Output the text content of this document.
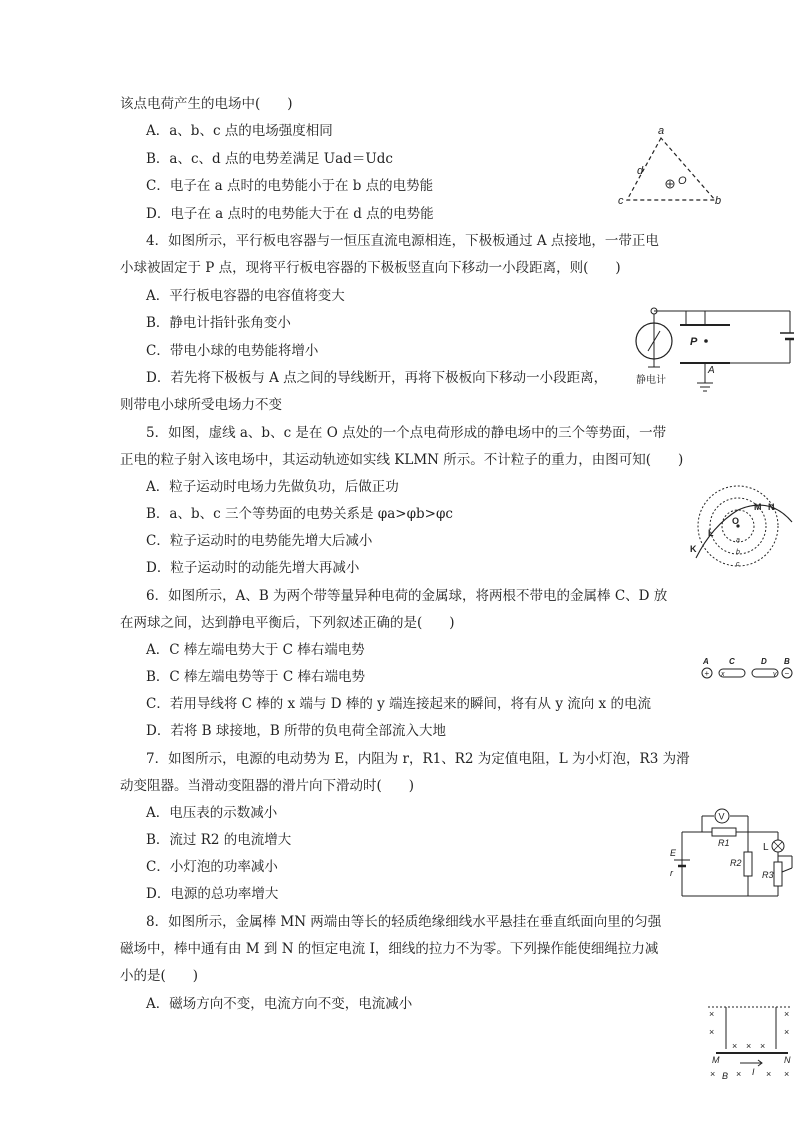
该点电荷产生的电场中(　　)
A．a、b、c 点的电场强度相同
B．a、c、d 点的电势差满足 Uad＝Udc
C．电子在 a 点时的电势能小于在 b 点的电势能
D．电子在 a 点时的电势能大于在 d 点的电势能
a
d
O
c	b
4．如图所示，平行板电容器与一恒压直流电源相连，下极板通过 A 点接地，一带正电
小球被固定于 P 点，现将平行板电容器的下极板竖直向下移动一小段距离，则(　　)
A．平行板电容器的电容值将变大
B．静电计指针张角变小
C．带电小球的电势能将增小
D．若先将下极板与 A 点之间的导线断开，再将下极板向下移动一小段距离，
则带电小球所受电场力不变
P
A
静电计
5．如图，虚线 a、b、c 是在 O 点处的一个点电荷形成的静电场中的三个等势面，一带
正电的粒子射入该电场中，其运动轨迹如实线 KLMN 所示。不计粒子的重力，由图可知(　　)
A．粒子运动时电场力先做负功，后做正功
B．a、b、c 三个等势面的电势关系是 φa>φb>φc
C．粒子运动时的电势能先增大后减小
D．粒子运动时的动能先增大再减小
O
K
L
M N
a
b
c
6．如图所示，A、B 为两个带等量异种电荷的金属球，将两根不带电的金属棒 C、D 放
在两球之间，达到静电平衡后，下列叙述正确的是(　　)
A．C 棒左端电势大于 C 棒右端电势
B．C 棒左端电势等于 C 棒右端电势
C．若用导线将 C 棒的 x 端与 D 棒的 y 端连接起来的瞬间，将有从 y 流向 x 的电流
D．若将 B 球接地，B 所带的负电荷全部流入大地
A	C	D B
+ x	y −
7．如图所示，电源的电动势为 E，内阻为 r，R1、R2 为定值电阻，L 为小灯泡，R3 为滑
动变阻器。当滑动变阻器的滑片向下滑动时(　　)
A．电压表的示数减小
B．流过 R2 的电流增大
C．小灯泡的功率减小
D．电源的总功率增大
V
R1
R2
R3
L
E
r
8．如图所示，金属棒 MN 两端由等长的轻质绝缘细线水平悬挂在垂直纸面向里的匀强
磁场中，棒中通有由 M 到 N 的恒定电流 I，细线的拉力不为零。下列操作能使细绳拉力减
小的是(　　)
A．磁场方向不变，电流方向不变，电流减小
×	×
×	×
× × ×
× ×	× ×
M	N
B	I
